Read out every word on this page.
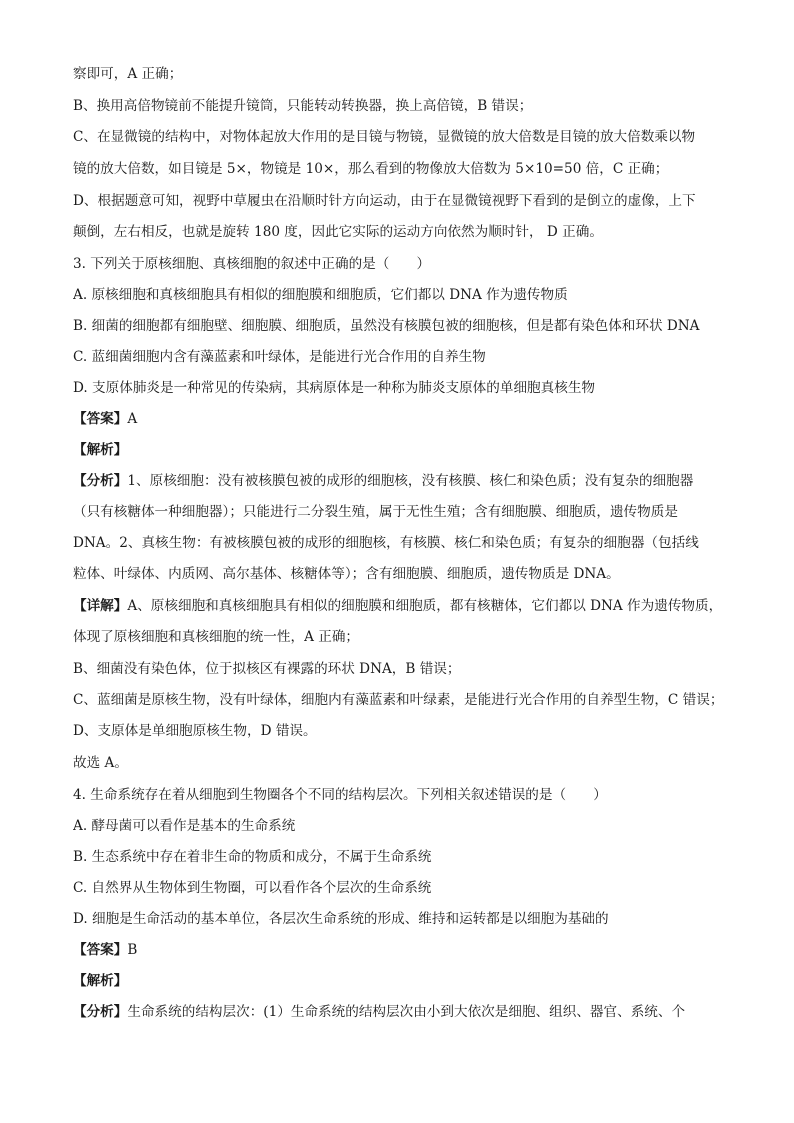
察即可，A 正确；
B、换用高倍物镜前不能提升镜筒，只能转动转换器，换上高倍镜，B 错误；
C、在显微镜的结构中，对物体起放大作用的是目镜与物镜，显微镜的放大倍数是目镜的放大倍数乘以物
镜的放大倍数，如目镜是 5×，物镜是 10×，那么看到的物像放大倍数为 5×10=50 倍，C 正确；
D、根据题意可知，视野中草履虫在沿顺时针方向运动，由于在显微镜视野下看到的是倒立的虚像，上下
颠倒，左右相反，也就是旋转 180 度，因此它实际的运动方向依然为顺时针， D 正确。
3. 下列关于原核细胞、真核细胞的叙述中正确的是（　　）
A. 原核细胞和真核细胞具有相似的细胞膜和细胞质，它们都以 DNA 作为遗传物质
B. 细菌的细胞都有细胞壁、细胞膜、细胞质，虽然没有核膜包被的细胞核，但是都有染色体和环状 DNA
C. 蓝细菌细胞内含有藻蓝素和叶绿体，是能进行光合作用的自养生物
D. 支原体肺炎是一种常见的传染病，其病原体是一种称为肺炎支原体的单细胞真核生物
【答案】A
【解析】
【分析】1、原核细胞：没有被核膜包被的成形的细胞核，没有核膜、核仁和染色质；没有复杂的细胞器
（只有核糖体一种细胞器）；只能进行二分裂生殖，属于无性生殖；含有细胞膜、细胞质，遗传物质是
DNA。2、真核生物：有被核膜包被的成形的细胞核，有核膜、核仁和染色质；有复杂的细胞器（包括线
粒体、叶绿体、内质网、高尔基体、核糖体等）；含有细胞膜、细胞质，遗传物质是 DNA。
【详解】A、原核细胞和真核细胞具有相似的细胞膜和细胞质，都有核糖体，它们都以 DNA 作为遗传物质，
体现了原核细胞和真核细胞的统一性，A 正确；
B、细菌没有染色体，位于拟核区有裸露的环状 DNA，B 错误；
C、蓝细菌是原核生物，没有叶绿体，细胞内有藻蓝素和叶绿素，是能进行光合作用的自养型生物，C 错误；
D、支原体是单细胞原核生物，D 错误。
故选 A。
4. 生命系统存在着从细胞到生物圈各个不同的结构层次。下列相关叙述错误的是（　　）
A. 酵母菌可以看作是基本的生命系统
B. 生态系统中存在着非生命的物质和成分，不属于生命系统
C. 自然界从生物体到生物圈，可以看作各个层次的生命系统
D. 细胞是生命活动的基本单位，各层次生命系统的形成、维持和运转都是以细胞为基础的
【答案】B
【解析】
【分析】生命系统的结构层次：(1）生命系统的结构层次由小到大依次是细胞、组织、器官、系统、个
